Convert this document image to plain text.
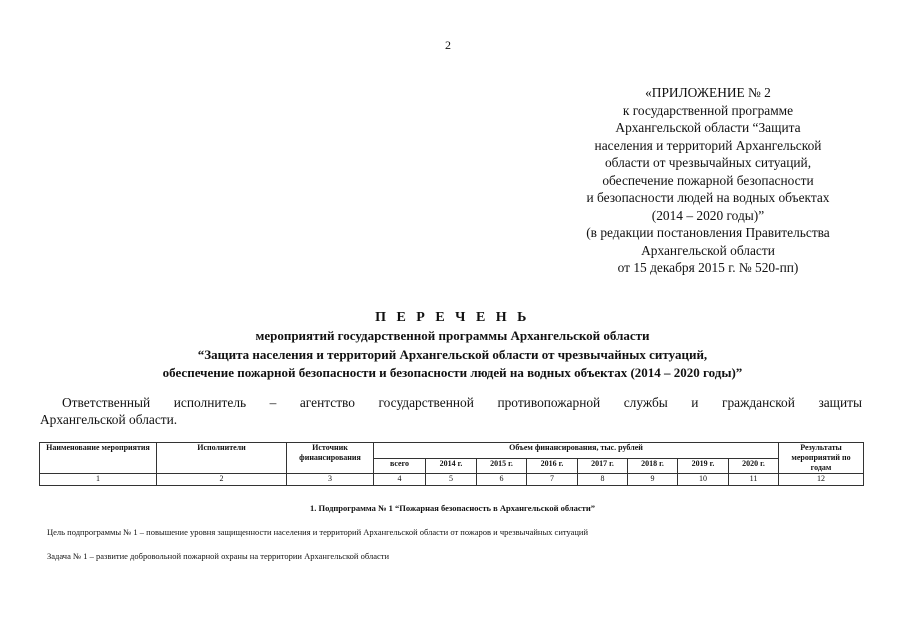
2
«ПРИЛОЖЕНИЕ № 2
к государственной программе
Архангельской области “Защита
населения и территорий Архангельской
области от чрезвычайных ситуаций,
обеспечение пожарной безопасности
и безопасности людей на водных объектах
(2014 – 2020 годы)”
(в редакции постановления Правительства
Архангельской области
от 15 декабря 2015 г. № 520-пп)
П Е Р Е Ч Е Н Ь
мероприятий государственной программы Архангельской области
“Защита населения и территорий Архангельской области от чрезвычайных ситуаций,
обеспечение пожарной безопасности и безопасности людей на водных объектах (2014 – 2020 годы)”
Ответственный исполнитель – агентство государственной противопожарной службы и гражданской защиты
Архангельской области.
Наименование мероприятия	Исполнители	Источник финансирования	Объем финансирования, тыс. рублей								Результаты мероприятий по годам
			всего	2014 г.	2015 г.	2016 г.	2017 г.	2018 г.	2019 г.	2020 г.	
1	2	3	4	5	6	7	8	9	10	11	12
1. Подпрограмма № 1 “Пожарная безопасность в Архангельской области”
Цель подпрограммы № 1 – повышение уровня защищенности населения и территорий Архангельской области от пожаров и чрезвычайных ситуаций
Задача № 1 – развитие добровольной пожарной охраны на территории Архангельской области
